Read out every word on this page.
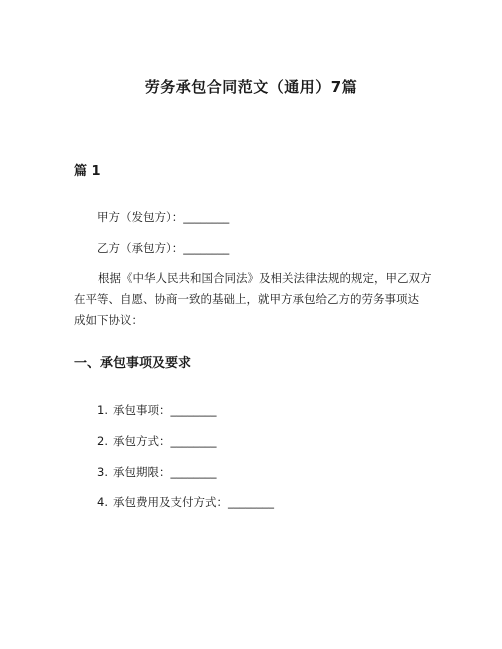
劳务承包合同范文（通用）7篇
篇 1
甲方（发包方）：________
乙方（承包方）：________

根据《中华人民共和国合同法》及相关法律法规的规定，甲乙双方

在平等、自愿、协商一致的基础上，就甲方承包给乙方的劳务事项达

成如下协议：

一、承包事项及要求
1. 承包事项：________
2. 承包方式：________
3. 承包期限：________
4. 承包费用及支付方式：________
